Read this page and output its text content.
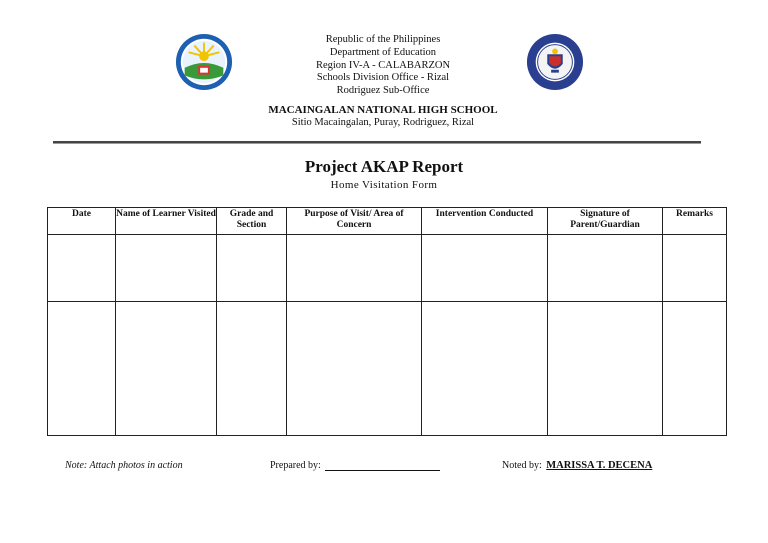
Republic of the Philippines
Department of Education
Region IV-A - CALABARZON
Schools Division Office - Rizal
Rodriguez Sub-Office
MACAINGALAN NATIONAL HIGH SCHOOL
Sitio Macaingalan, Puray, Rodriguez, Rizal
Project AKAP Report
Home Visitation Form
Date	Name of Learner Visited	Grade and Section	Purpose of Visit/ Area of Concern	Intervention Conducted	Signature of Parent/Guardian	Remarks

Note: Attach photos in action	Prepared by:	Noted by: MARISSA T. DECENA
